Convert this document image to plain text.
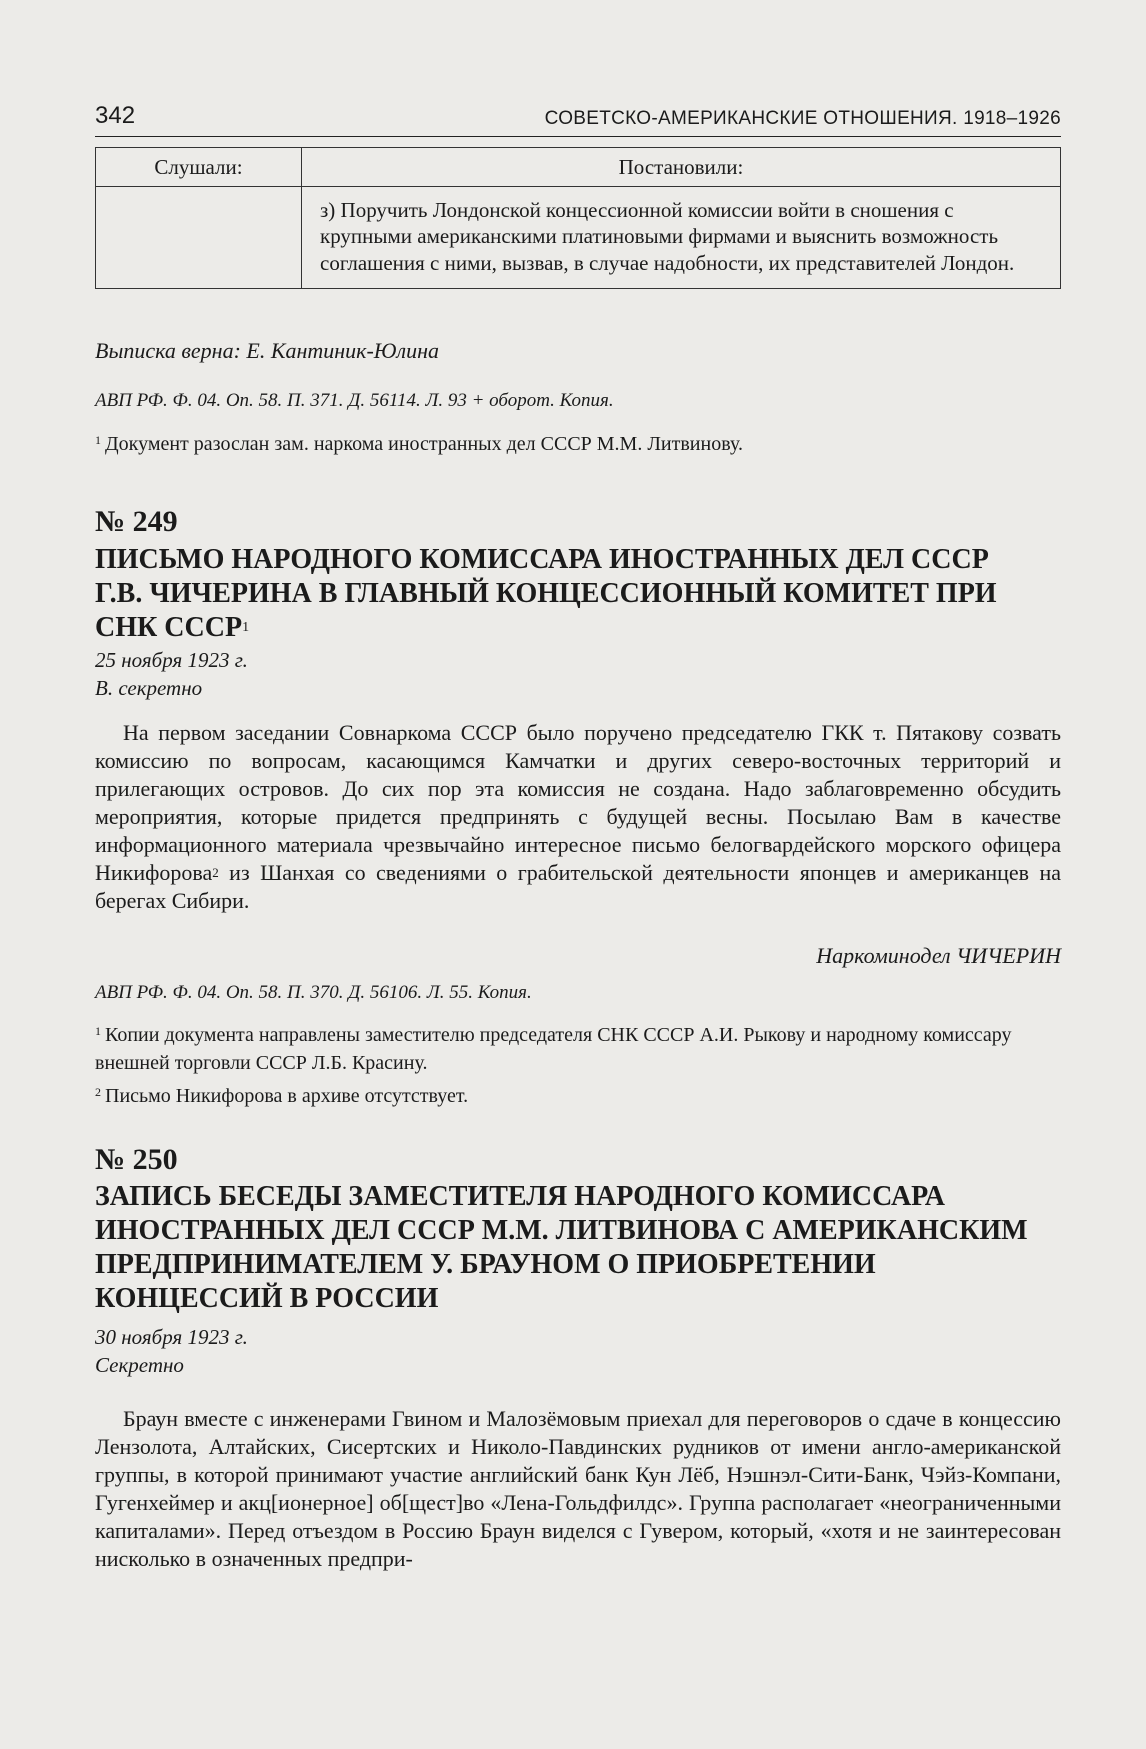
342	СОВЕТСКО-АМЕРИКАНСКИЕ ОТНОШЕНИЯ. 1918–1926
Слушали:	Постановили:
	з) Поручить Лондонской концессионной комиссии войти в сношения с крупными американскими платиновыми фирмами и выяснить возможность соглашения с ними, вызвав, в случае надобности, их представителей Лондон.
Выписка верна: Е. Кантиник-Юлина
АВП РФ. Ф. 04. Оп. 58. П. 371. Д. 56114. Л. 93 + оборот. Копия.
$^1$ Документ разослан зам. наркома иностранных дел СССР М.М. Литвинову.
№ 249
ПИСЬМО НАРОДНОГО КОМИССАРА ИНОСТРАННЫХ ДЕЛ СССР Г.В. ЧИЧЕРИНА В ГЛАВНЫЙ КОНЦЕССИОННЫЙ КОМИТЕТ ПРИ СНК СССР$^1$
25 ноября 1923 г.
В. секретно
На первом заседании Совнаркома СССР было поручено председателю ГКК т. Пятакову созвать комиссию по вопросам, касающимся Камчатки и других северо-восточных территорий и прилегающих островов. До сих пор эта комиссия не создана. Надо заблаговременно обсудить мероприятия, которые придется предпринять с будущей весны. Посылаю Вам в качестве информационного материала чрезвычайно интересное письмо белогвардейского морского офицера Никифорова$^2$ из Шанхая со сведениями о грабительской деятельности японцев и американцев на берегах Сибири.
Наркоминодел ЧИЧЕРИН
АВП РФ. Ф. 04. Оп. 58. П. 370. Д. 56106. Л. 55. Копия.
$^1$ Копии документа направлены заместителю председателя СНК СССР А.И. Рыкову и народному комиссару внешней торговли СССР Л.Б. Красину.
$^2$ Письмо Никифорова в архиве отсутствует.
№ 250
ЗАПИСЬ БЕСЕДЫ ЗАМЕСТИТЕЛЯ НАРОДНОГО КОМИССАРА ИНОСТРАННЫХ ДЕЛ СССР М.М. ЛИТВИНОВА С АМЕРИКАНСКИМ ПРЕДПРИНИМАТЕЛЕМ У. БРАУНОМ О ПРИОБРЕТЕНИИ КОНЦЕССИЙ В РОССИИ
30 ноября 1923 г.
Секретно
Браун вместе с инженерами Гвином и Малозёмовым приехал для переговоров о сдаче в концессию Лензолота, Алтайских, Сисертских и Николо-Павдинских рудников от имени англо-американской группы, в которой принимают участие английский банк Кун Лёб, Нэшнэл-Сити-Банк, Чэйз-Компани, Гугенхеймер и акц[ионерное] об[щест]во «Лена-Гольдфилдс». Группа располагает «неограниченными капиталами». Перед отъездом в Россию Браун виделся с Гувером, который, «хотя и не заинтересован нисколько в означенных предпри-
